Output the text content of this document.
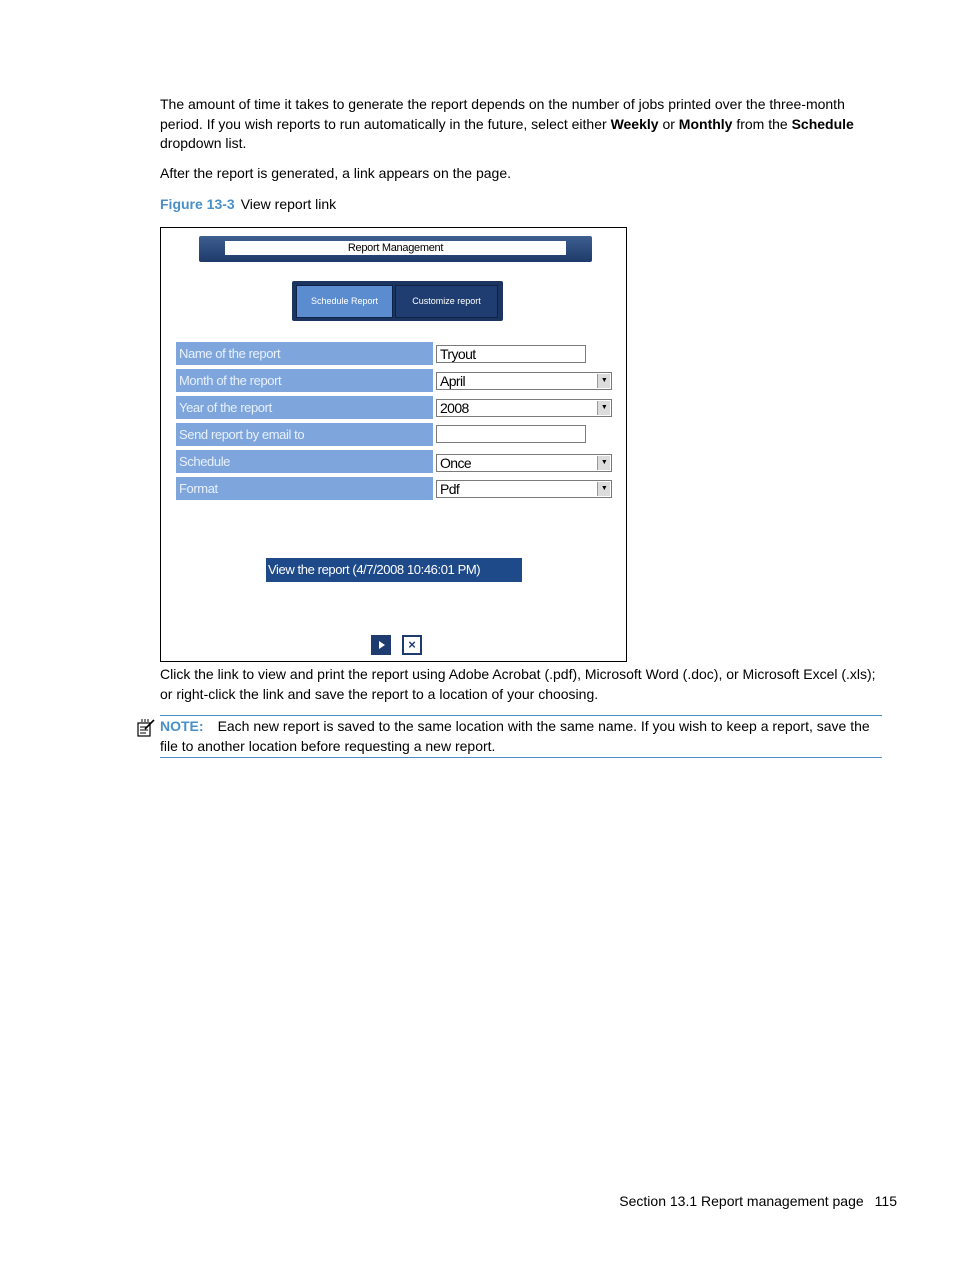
The amount of time it takes to generate the report depends on the number of jobs printed over the three-month period. If you wish reports to run automatically in the future, select either Weekly or Monthly from the Schedule dropdown list.
After the report is generated, a link appears on the page.
Figure 13-3 View report link
Report Management
Schedule Report	Customize report
Name of the report	Tryout
Month of the report	April	▼
Year of the report	2008	▼
Send report by email to
Schedule	Once	▼
Format	Pdf	▼
View the report (4/7/2008 10:46:01 PM)
×
Click the link to view and print the report using Adobe Acrobat (.pdf), Microsoft Word (.doc), or Microsoft Excel (.xls); or right-click the link and save the report to a location of your choosing.
NOTE: Each new report is saved to the same location with the same name. If you wish to keep a report, save the file to another location before requesting a new report.
Section 13.1 Report management page 115
